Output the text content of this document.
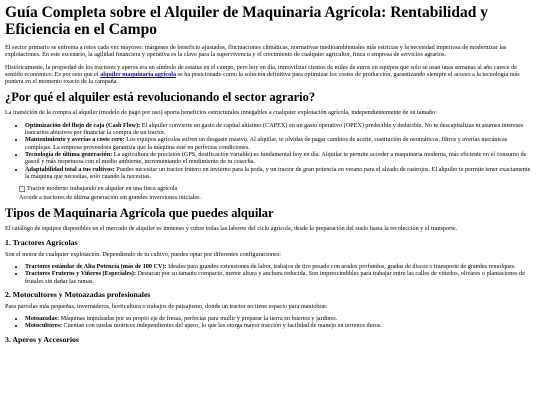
Guía Completa sobre el Alquiler de Maquinaria Agrícola: Rentabilidad y Eficiencia en el Campo

El sector primario se enfrenta a retos cada vez mayores: márgenes de beneficio ajustados, fluctuaciones climáticas, normativas medioambientales más estrictas y la necesidad imperiosa de modernizar las explotaciones. En este escenario, la agilidad financiera y operativa es la clave para la supervivencia y el crecimiento de cualquier agricultor, finca o empresa de servicios agrarios.

Históricamente, la propiedad de los tractores y aperos era un símbolo de estatus en el campo, pero hoy en día, inmovilizar cientos de miles de euros en equipos que solo se usan unas semanas al año carece de sentido económico. Es por esto que el alquiler maquinaria agrícola se ha posicionado como la solución definitiva para optimizar los costes de producción, garantizando siempre el acceso a la tecnología más puntera en el momento exacto de la campaña.

¿Por qué el alquiler está revolucionando el sector agrario?

La transición de la compra al alquiler (modelo de pago por uso) aporta beneficios estructurales innegables a cualquier explotación agrícola, independientemente de su tamaño:

• Optimización del flujo de caja (Cash Flow): El alquiler convierte un gasto de capital altísimo (CAPEX) en un gasto operativo (OPEX) predecible y deducible. No te descapitalizas ni asumes intereses bancarios abusivos por financiar la compra de un tractor.
• Mantenimiento y averías a coste cero: Los equipos agrícolas sufren un desgaste masivo. Al alquilar, te olvidas de pagar cambios de aceite, sustitución de neumáticos, filtros y averías mecánicas complejas. La empresa proveedora garantiza que la máquina esté en perfectas condiciones.
• Tecnología de última generación: La agricultura de precisión (GPS, dosificación variable) es fundamental hoy en día. Alquilar te permite acceder a maquinaria moderna, más eficiente en el consumo de gasoil y más respetuosa con el medio ambiente, incrementando el rendimiento de tu cosecha.
• Adaptabilidad total a tus cultivos: Puedes necesitar un tractor frutero en invierno para la poda, y un tractor de gran potencia en verano para el alzado de rastrojos. El alquiler te permite tener exactamente la máquina que necesitas, solo cuando la necesitas.
Tractor moderno trabajando en alquiler en una finca agrícola

Accede a tractores de última generación sin grandes inversiones iniciales.
Tipos de Maquinaria Agrícola que puedes alquilar

El catálogo de equipos disponibles en el mercado de alquiler es inmenso y cubre todas las labores del ciclo agrícola, desde la preparación del suelo hasta la recolección y el transporte.

1. Tractores Agrícolas

Son el motor de cualquier explotación. Dependiendo de tu cultivo, puedes optar por diferentes configuraciones:

• Tractores estándar de Alta Potencia (más de 100 CV): Ideales para grandes extensiones de labor, trabajos de tiro pesado con arados profundos, gradas de discos o transporte de grandes remolques.
• Tractores Fruteros y Viñeros (Especiales): Destacan por su tamaño compacto, menor altura y anchura reducida. Son imprescindibles para trabajar entre las calles de viñedos, olivares o plantaciones de frutales sin dañar las ramas.
2. Motocultores y Motoazadas profesionales

Para parcelas más pequeñas, invernaderos, horticultura o trabajos de paisajismo, donde un tractor no tiene espacio para maniobrar.

• Motoazadas: Máquinas impulsadas por su propio eje de fresas, perfectas para mullir y preparar la tierra en huertos y jardines.
• Motocultores: Cuentan con ruedas motrices independientes del apero, lo que les otorga mayor tracción y facilidad de manejo en terrenos duros.
3. Aperos y Accesorios
